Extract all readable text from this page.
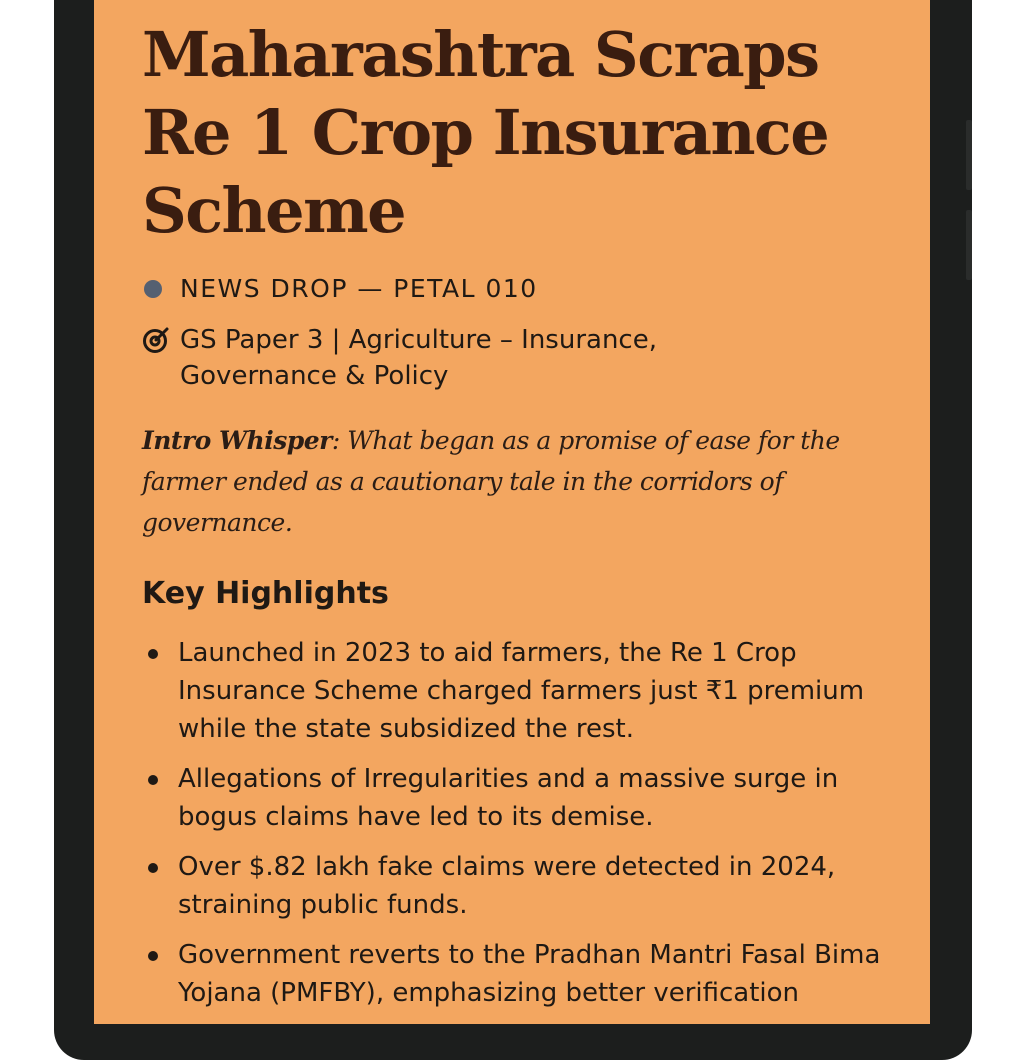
Maharashtra Scraps Re 1 Crop Insurance Scheme
NEWS DROP — PETAL 010
GS Paper 3 | Agriculture – Insurance, Governance & Policy

Intro Whisper: What began as a promise of ease for the farmer ended as a cautionary tale in the corridors of governance.

Key Highlights
Launched in 2023 to aid farmers, the Re 1 Crop Insurance Scheme charged farmers just ₹1 premium while the state subsidized the rest.
Allegations of Irregularities and a massive surge in bogus claims have led to its demise.
Over $.82 lakh fake claims were detected in 2024, straining public funds.
Government reverts to the Pradhan Mantri Fasal Bima Yojana (PMFBY), emphasizing better verification
